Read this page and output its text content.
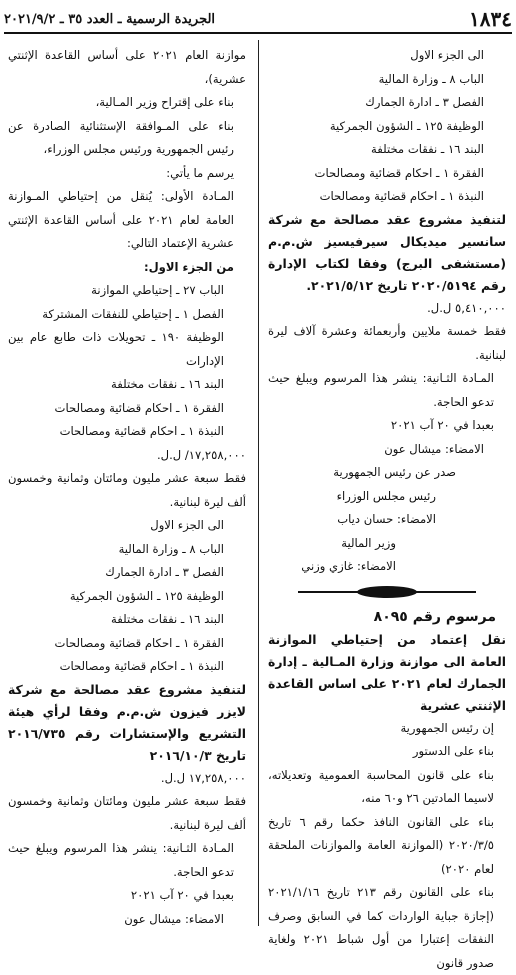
١٨٣٤
الجريدة الرسمية ـ العدد ٣٥ ـ ٢٠٢١/٩/٢

الى الجزء الاول

الباب ٨ ـ وزارة المالية

الفصل ٣ ـ ادارة الجمارك

الوظيفة ١٢٥ ـ الشؤون الجمركية

البند ١٦ ـ نفقات مختلفة

الفقرة ١ ـ احكام قضائية ومصالحات

النبذة ١ ـ احكام قضائية ومصالحات

لتنفيذ مشروع عقد مصالحة مع شركة سانسير ميديكال سيرفيسيز ش.م.م (مستشفى البرج) وفقا لكتاب الإدارة رقم ٢٠٢٠/٥١٩٤ تاريخ ٢٠٢١/٥/١٢.

٥,٤١٠,٠٠٠ ل.ل.

فقط خمسة ملايين وأربعمائة وعشرة آلاف ليرة لبنانية.

المـادة الثـانية: ينشر هذا المرسوم ويبلغ حيث تدعو الحاجة.

بعبدا في ٢٠ آب ٢٠٢١

الامضاء: ميشال عون

صدر عن رئيس الجمهورية

رئيس مجلس الوزراء

الامضاء: حسان دياب

وزير المالية

الامضاء: غازي وزني

مرسوم رقم ٨٠٩٥

نقل إعتماد من إحتياطي الموازنة العامة الى موازنة وزارة المـالية ـ إدارة الجمارك لعام ٢٠٢١ على اساس القاعدة الإثنتي عشرية

إن رئيس الجمهورية

بناء على الدستور

بناء على قانون المحاسبة العمومية وتعديلاته، لاسيما المادتين ٢٦ و٦٠ منه،

بناء على القانون النافذ حكما رقم ٦ تاريخ ٢٠٢٠/٣/٥ (الموازنة العامة والموازنات الملحقة لعام ٢٠٢٠)

بناء على القانون رقم ٢١٣ تاريخ ٢٠٢١/١/١٦ (إجازة جباية الواردات كما في السابق وصرف النفقات إعتبارا من أول شباط ٢٠٢١ ولغاية صدور قانون

موازنة العام ٢٠٢١ على أساس القاعدة الإثنتي عشرية)،

بناء على إقتراح وزير المـالية،

بناء على المـوافقة الإستثنائية الصادرة عن رئيس الجمهورية ورئيس مجلس الوزراء،

يرسم ما يأتي:

المـادة الأولى: يُنقل من إحتياطي المـوازنة العامة لعام ٢٠٢١ على أساس القاعدة الإثنتي عشرية الإعتماد التالي:

من الجزء الاول:

الباب ٢٧ ـ إحتياطي الموازنة

الفصل ١ ـ إحتياطي للنفقات المشتركة

الوظيفة ١٩٠ ـ تحويلات ذات طابع عام بين الإدارات

البند ١٦ ـ نفقات مختلفة

الفقرة ١ ـ احكام قضائية ومصالحات

النبذة ١ ـ احكام قضائية ومصالحات

١٧,٢٥٨,٠٠٠/ ل.ل.

فقط سبعة عشر مليون ومائتان وثمانية وخمسون ألف ليرة لبنانية.

الى الجزء الاول

الباب ٨ ـ وزارة المالية

الفصل ٣ ـ ادارة الجمارك

الوظيفة ١٢٥ ـ الشؤون الجمركية

البند ١٦ ـ نفقات مختلفة

الفقرة ١ ـ احكام قضائية ومصالحات

النبذة ١ ـ احكام قضائية ومصالحات

لتنفيذ مشروع عقد مصالحة مع شركة لايزر فيزون ش.م.م وفقا لرأي هيئة التشريع والإستشارات رقم ٢٠١٦/٧٣٥ تاريخ ٢٠١٦/١٠/٣

١٧,٢٥٨,٠٠٠ ل.ل.

فقط سبعة عشر مليون ومائتان وثمانية وخمسون ألف ليرة لبنانية.

المـادة الثـانية: ينشر هذا المرسوم ويبلغ حيث تدعو الحاجة.

بعبدا في ٢٠ آب ٢٠٢١

الامضاء: ميشال عون
